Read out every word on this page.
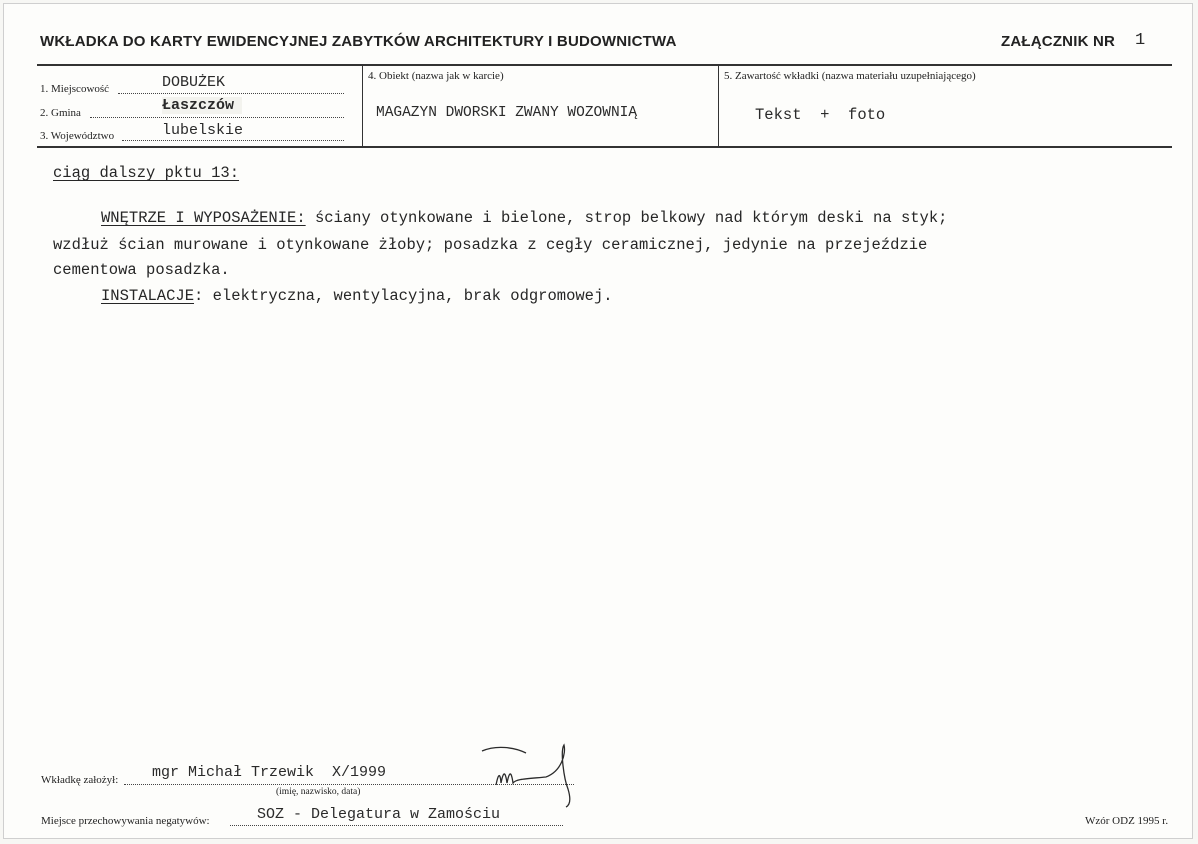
WKŁADKA DO KARTY EWIDENCYJNEJ ZABYTKÓW ARCHITEKTURY I BUDOWNICTWA	ZAŁĄCZNIK NR 1
1. Miejscowość	DOBUŻEK
2. Gmina	Łaszczów
3. Województwo	lubelskie
4. Obiekt (nazwa jak w karcie)
MAGAZYN DWORSKI ZWANY WOZOWNIĄ
5. Zawartość wkładki (nazwa materiału uzupełniającego)
Tekst  +  foto
ciąg dalszy pktu 13:
WNĘTRZE I WYPOSAŻENIE: ściany otynkowane i bielone, strop belkowy nad którym deski na styk;
wzdłuż ścian murowane i otynkowane żłoby; posadzka z cegły ceramicznej, jedynie na przejeździe
cementowa posadzka.
INSTALACJE: elektryczna, wentylacyjna, brak odgromowej.
Wkładkę założył: mgr Michał Trzewik  X/1999
(imię, nazwisko, data)
Miejsce przechowywania negatywów:	SOZ - Delegatura w Zamościu	Wzór ODZ 1995 r.
